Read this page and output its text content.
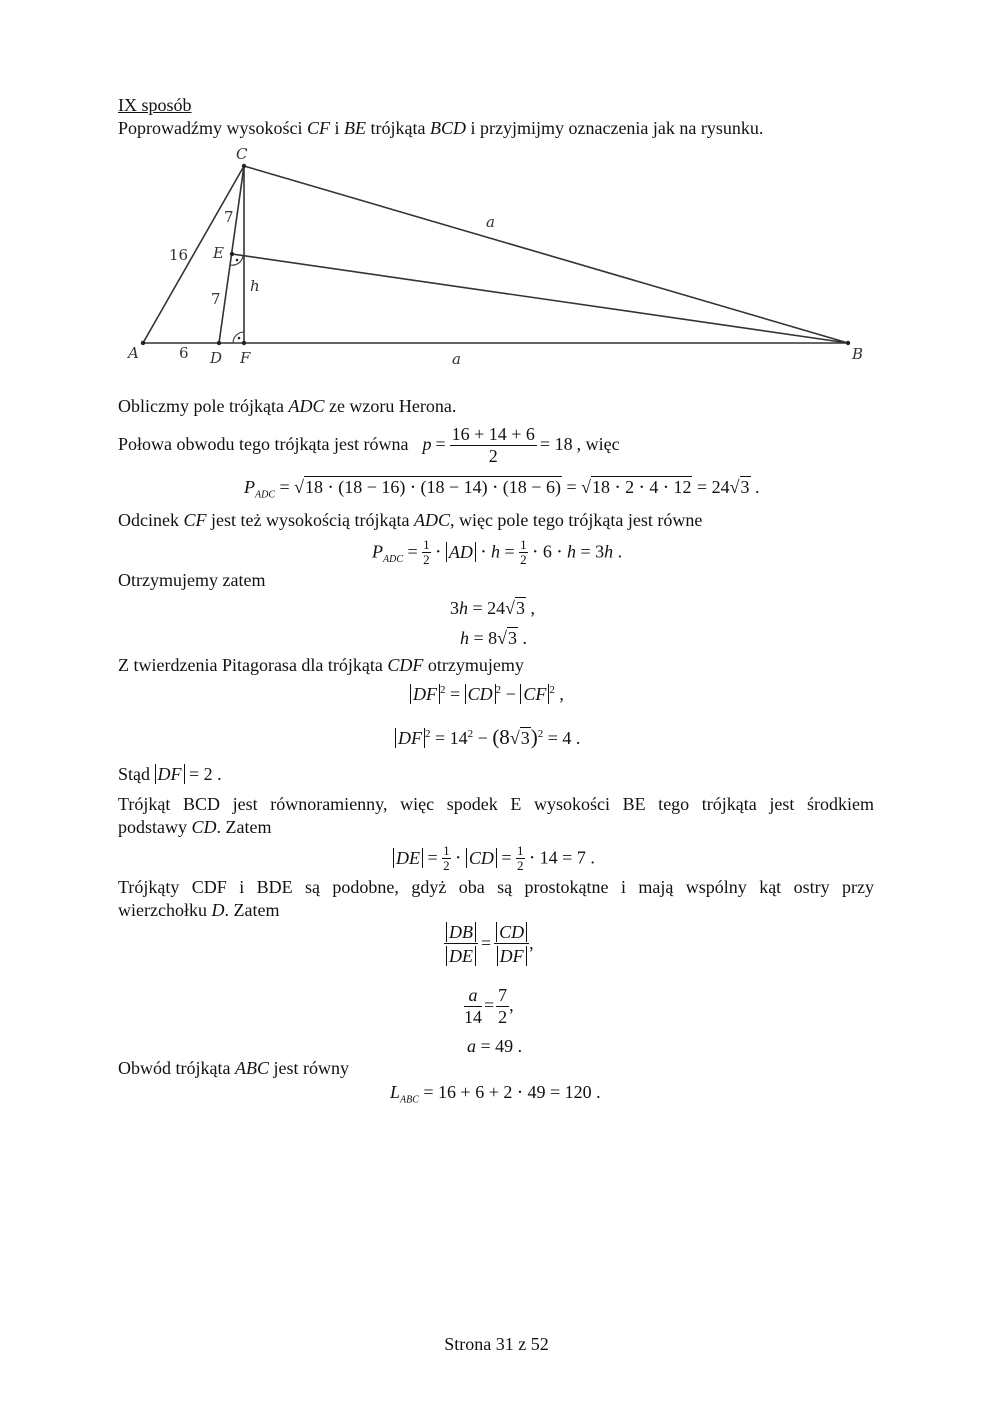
IX sposób
Poprowadźmy wysokości CF i BE trójkąta BCD i przyjmijmy oznaczenia jak na rysunku.
C
A	B
D F
E
16
7
7
6
h
a
a
Obliczmy pole trójkąta ADC ze wzoru Herona.
Połowa obwodu tego trójkąta jest równa $p = \frac{16 + 14 + 6}{2} = 18$ , więc
$P_{ADC} = √18 \cdot (18 - 16) \cdot (18 - 14) \cdot (18 - 6) = √18 \cdot 2 \cdot 4 \cdot 12 = 24√3$ .
Odcinek CF jest też wysokością trójkąta ADC, więc pole tego trójkąta jest równe
$P_{ADC} = \frac{1}{2}$ ⋅ AD ⋅ $h = \frac{1}{2} \cdot 6 \cdot h = 3h$ .
Otrzymujemy zatem
3h = 24√3 ,
h = 8√3 .
Z twierdzenia Pitagorasa dla trójkąta CDF otrzymujemy
DF $^2$ = CD $^2$ − CF $^2$ ,
DF $^2 = 14^2 - (8√3)^2 = 4$ .
Stąd DF = 2 .
Trójkąt BCD jest równoramienny, więc spodek E wysokości BE tego trójkąta jest środkiem
podstawy CD. Zatem
DE = $\frac{1}{2}$ ⋅ CD = $\frac{1}{2} \cdot 14 = 7$ .
Trójkąty CDF i BDE są podobne, gdyż oba są prostokątne i mają wspólny kąt ostry przy
wierzchołku D. Zatem
$\frac{DB}{DE} = \frac{CD}{DF}$ ,
$\frac{a}{14} = \frac{7}{2}$ ,
a = 49 .
Obwód trójkąta ABC jest równy
$L_{ABC} = 16 + 6 + 2 \cdot 49 = 120$ .
Strona 31 z 52
